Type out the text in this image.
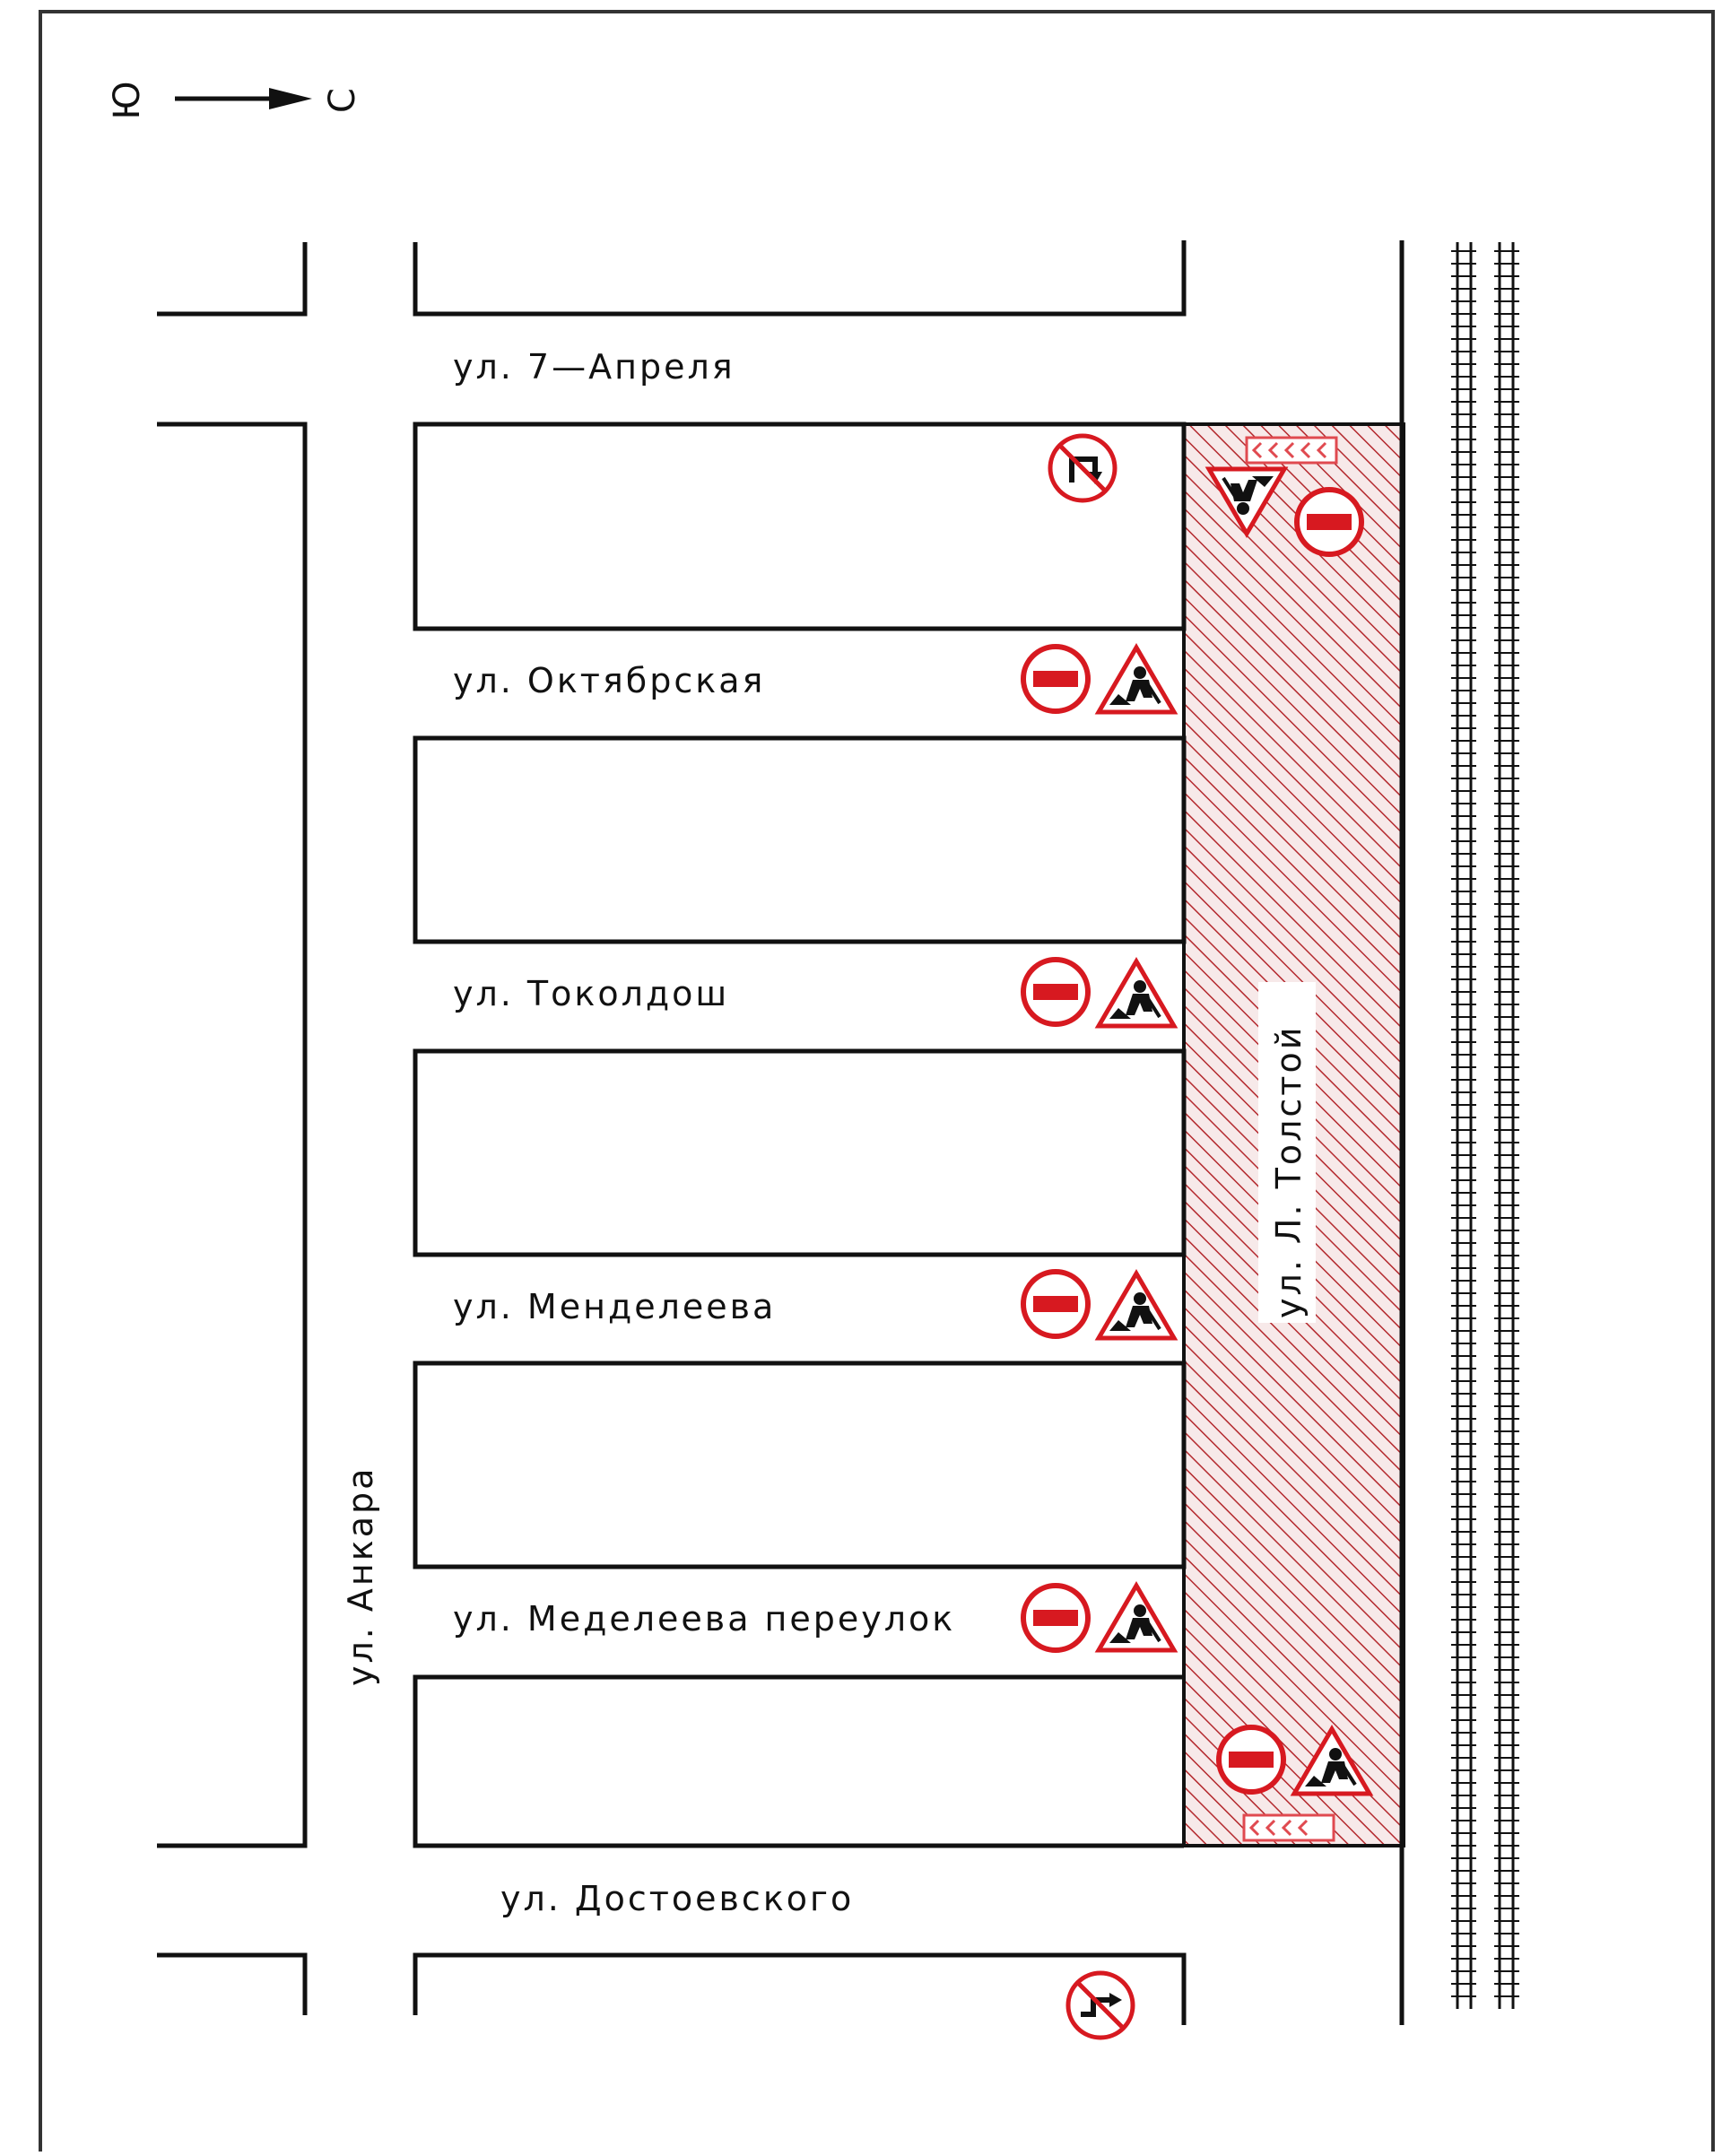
Ю	С
ул. 7—Апреля
ул. Октябрская
ул. Токолдош
ул. Менделеева
ул. Меделеева переулок
ул. Достоевского
ул. Анкара
ул. Л. Толстой
